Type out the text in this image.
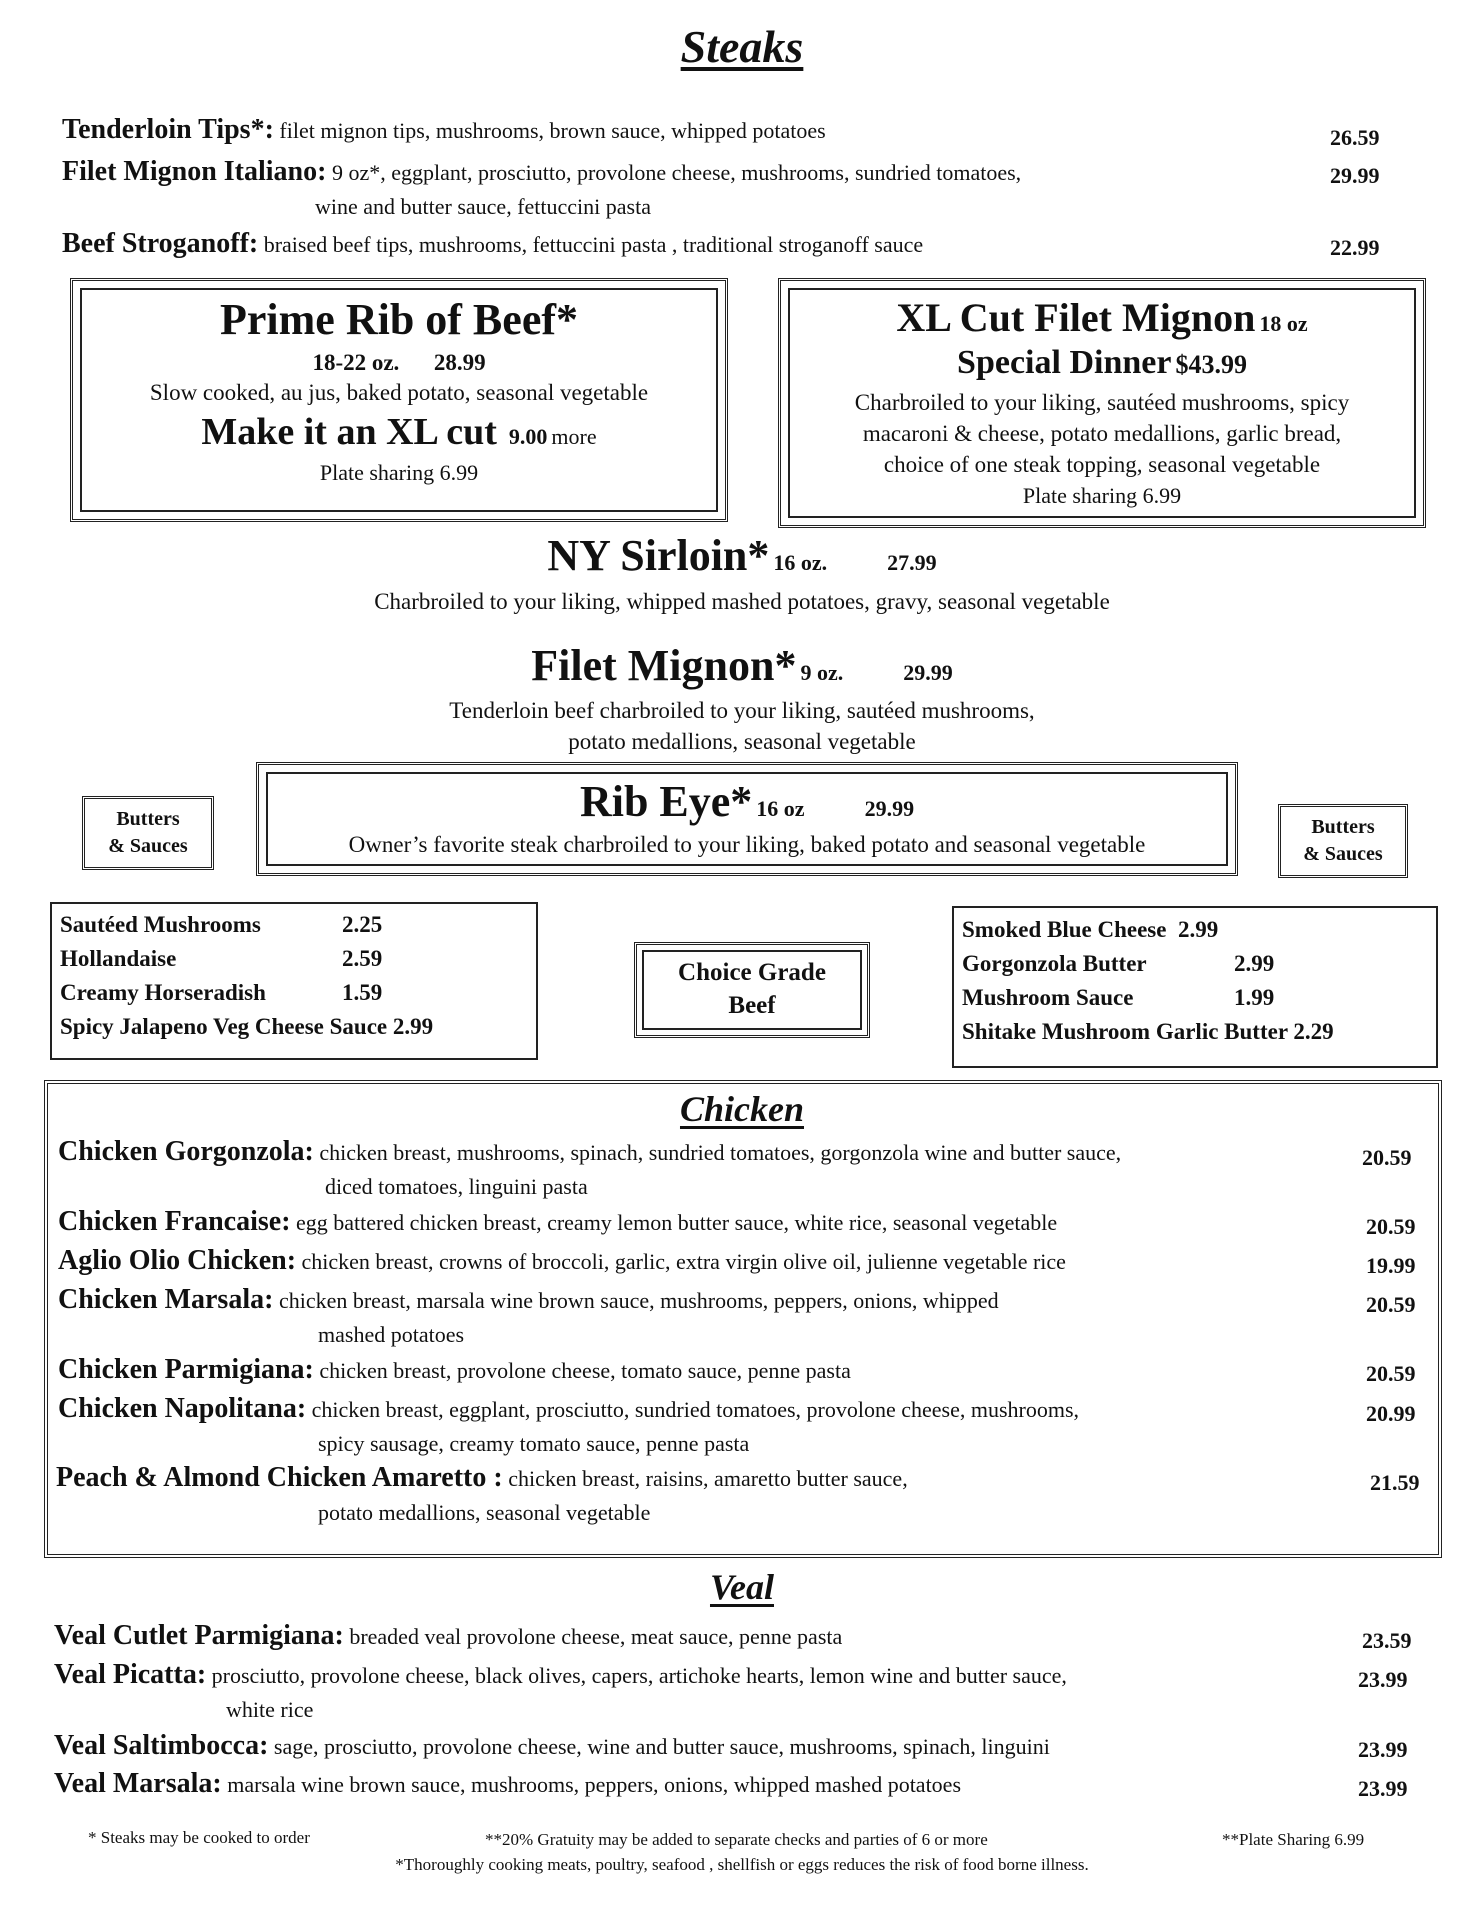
Steaks
Tenderloin Tips*: filet mignon tips, mushrooms, brown sauce, whipped potatoes	26.59
Filet Mignon Italiano: 9 oz*, eggplant, prosciutto, provolone cheese, mushrooms, sundried tomatoes,
wine and butter sauce, fettuccini pasta
29.99
Beef Stroganoff: braised beef tips, mushrooms, fettuccini pasta , traditional stroganoff sauce	22.99
Prime Rib of Beef*
18-22 oz. 28.99
Slow cooked, au jus, baked potato, seasonal vegetable
Make it an XL cut 9.00 more
Plate sharing 6.99
XL Cut Filet Mignon 18 oz
Special Dinner $43.99
Charbroiled to your liking, sautéed mushrooms, spicy
macaroni & cheese, potato medallions, garlic bread,
choice of one steak topping, seasonal vegetable
Plate sharing 6.99
NY Sirloin* 16 oz.	27.99
Charbroiled to your liking, whipped mashed potatoes, gravy, seasonal vegetable
Filet Mignon* 9 oz.	29.99
Tenderloin beef charbroiled to your liking, sautéed mushrooms,
potato medallions, seasonal vegetable
Rib Eye* 16 oz	29.99
Owner’s favorite steak charbroiled to your liking, baked potato and seasonal vegetable
Butters
& Sauces
Butters
& Sauces
Sautéed Mushrooms	2.25
Hollandaise	2.59
Creamy Horseradish	1.59
Spicy Jalapeno Veg Cheese Sauce 2.99
Choice Grade
Beef
Smoked Blue Cheese 2.99
Gorgonzola Butter	2.99
Mushroom Sauce	1.99
Shitake Mushroom Garlic Butter 2.29
Chicken
Chicken Gorgonzola: chicken breast, mushrooms, spinach, sundried tomatoes, gorgonzola wine and butter sauce,
diced tomatoes, linguini pasta
20.59
Chicken Francaise: egg battered chicken breast, creamy lemon butter sauce, white rice, seasonal vegetable	20.59
Aglio Olio Chicken: chicken breast, crowns of broccoli, garlic, extra virgin olive oil, julienne vegetable rice	19.99
Chicken Marsala: chicken breast, marsala wine brown sauce, mushrooms, peppers, onions, whipped
mashed potatoes
20.59
Chicken Parmigiana: chicken breast, provolone cheese, tomato sauce, penne pasta	20.59
Chicken Napolitana: chicken breast, eggplant, prosciutto, sundried tomatoes, provolone cheese, mushrooms,
spicy sausage, creamy tomato sauce, penne pasta
20.99
Peach & Almond Chicken Amaretto : chicken breast, raisins, amaretto butter sauce,
potato medallions, seasonal vegetable
21.59
Veal
Veal Cutlet Parmigiana: breaded veal provolone cheese, meat sauce, penne pasta	23.59
Veal Picatta: prosciutto, provolone cheese, black olives, capers, artichoke hearts, lemon wine and butter sauce,
white rice
23.99
Veal Saltimbocca: sage, prosciutto, provolone cheese, wine and butter sauce, mushrooms, spinach, linguini	23.99
Veal Marsala: marsala wine brown sauce, mushrooms, peppers, onions, whipped mashed potatoes	23.99
* Steaks may be cooked to order	**20% Gratuity may be added to separate checks and parties of 6 or more	**Plate Sharing 6.99
*Thoroughly cooking meats, poultry, seafood , shellfish or eggs reduces the risk of food borne illness.
